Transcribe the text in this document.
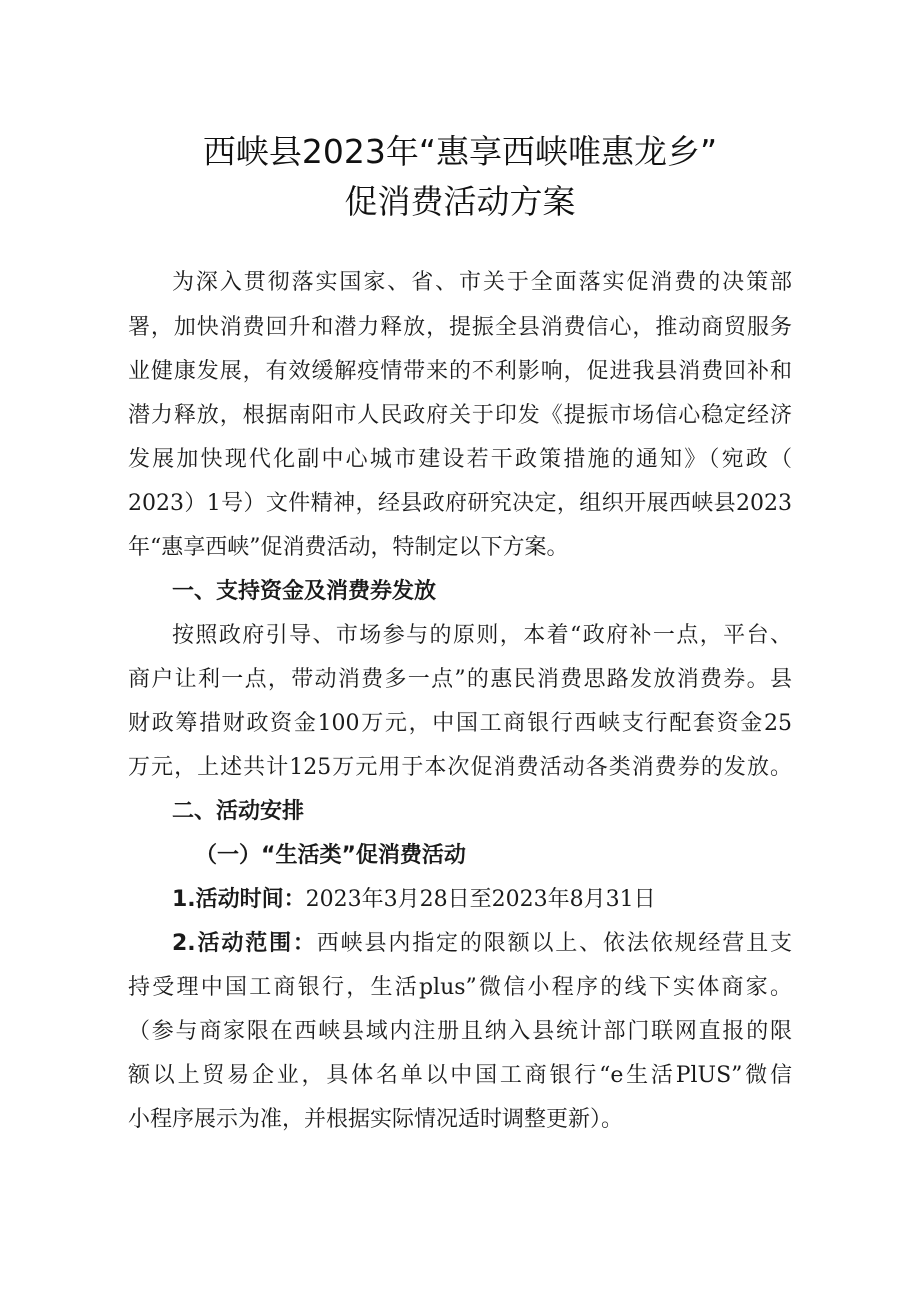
西峡县2023年“惠享西峡唯惠龙乡”
促消费活动方案
为深入贯彻落实国家、省、市关于全面落实促消费的决策部
署，加快消费回升和潜力释放，提振全县消费信心，推动商贸服务
业健康发展，有效缓解疫情带来的不利影响，促进我县消费回补和
潜力释放，根据南阳市人民政府关于印发《提振市场信心稳定经济
发展加快现代化副中心城市建设若干政策措施的通知》（宛政（
2023）1号）文件精神，经县政府研究决定，组织开展西峡县2023
年“惠享西峡”促消费活动，特制定以下方案。
一、支持资金及消费券发放
按照政府引导、市场参与的原则，本着“政府补一点，平台、
商户让利一点，带动消费多一点”的惠民消费思路发放消费券。县
财政筹措财政资金100万元，中国工商银行西峡支行配套资金25
万元，上述共计125万元用于本次促消费活动各类消费券的发放。
二、活动安排
（一）“生活类”促消费活动
1.活动时间：2023年3月28日至2023年8月31日
2.活动范围：西峡县内指定的限额以上、依法依规经营且支
持受理中国工商银行，生活plus”微信小程序的线下实体商家。
（参与商家限在西峡县域内注册且纳入县统计部门联网直报的限
额以上贸易企业，具体名单以中国工商银行“e生活PlUS”微信
小程序展示为准，并根据实际情况适时调整更新）。
